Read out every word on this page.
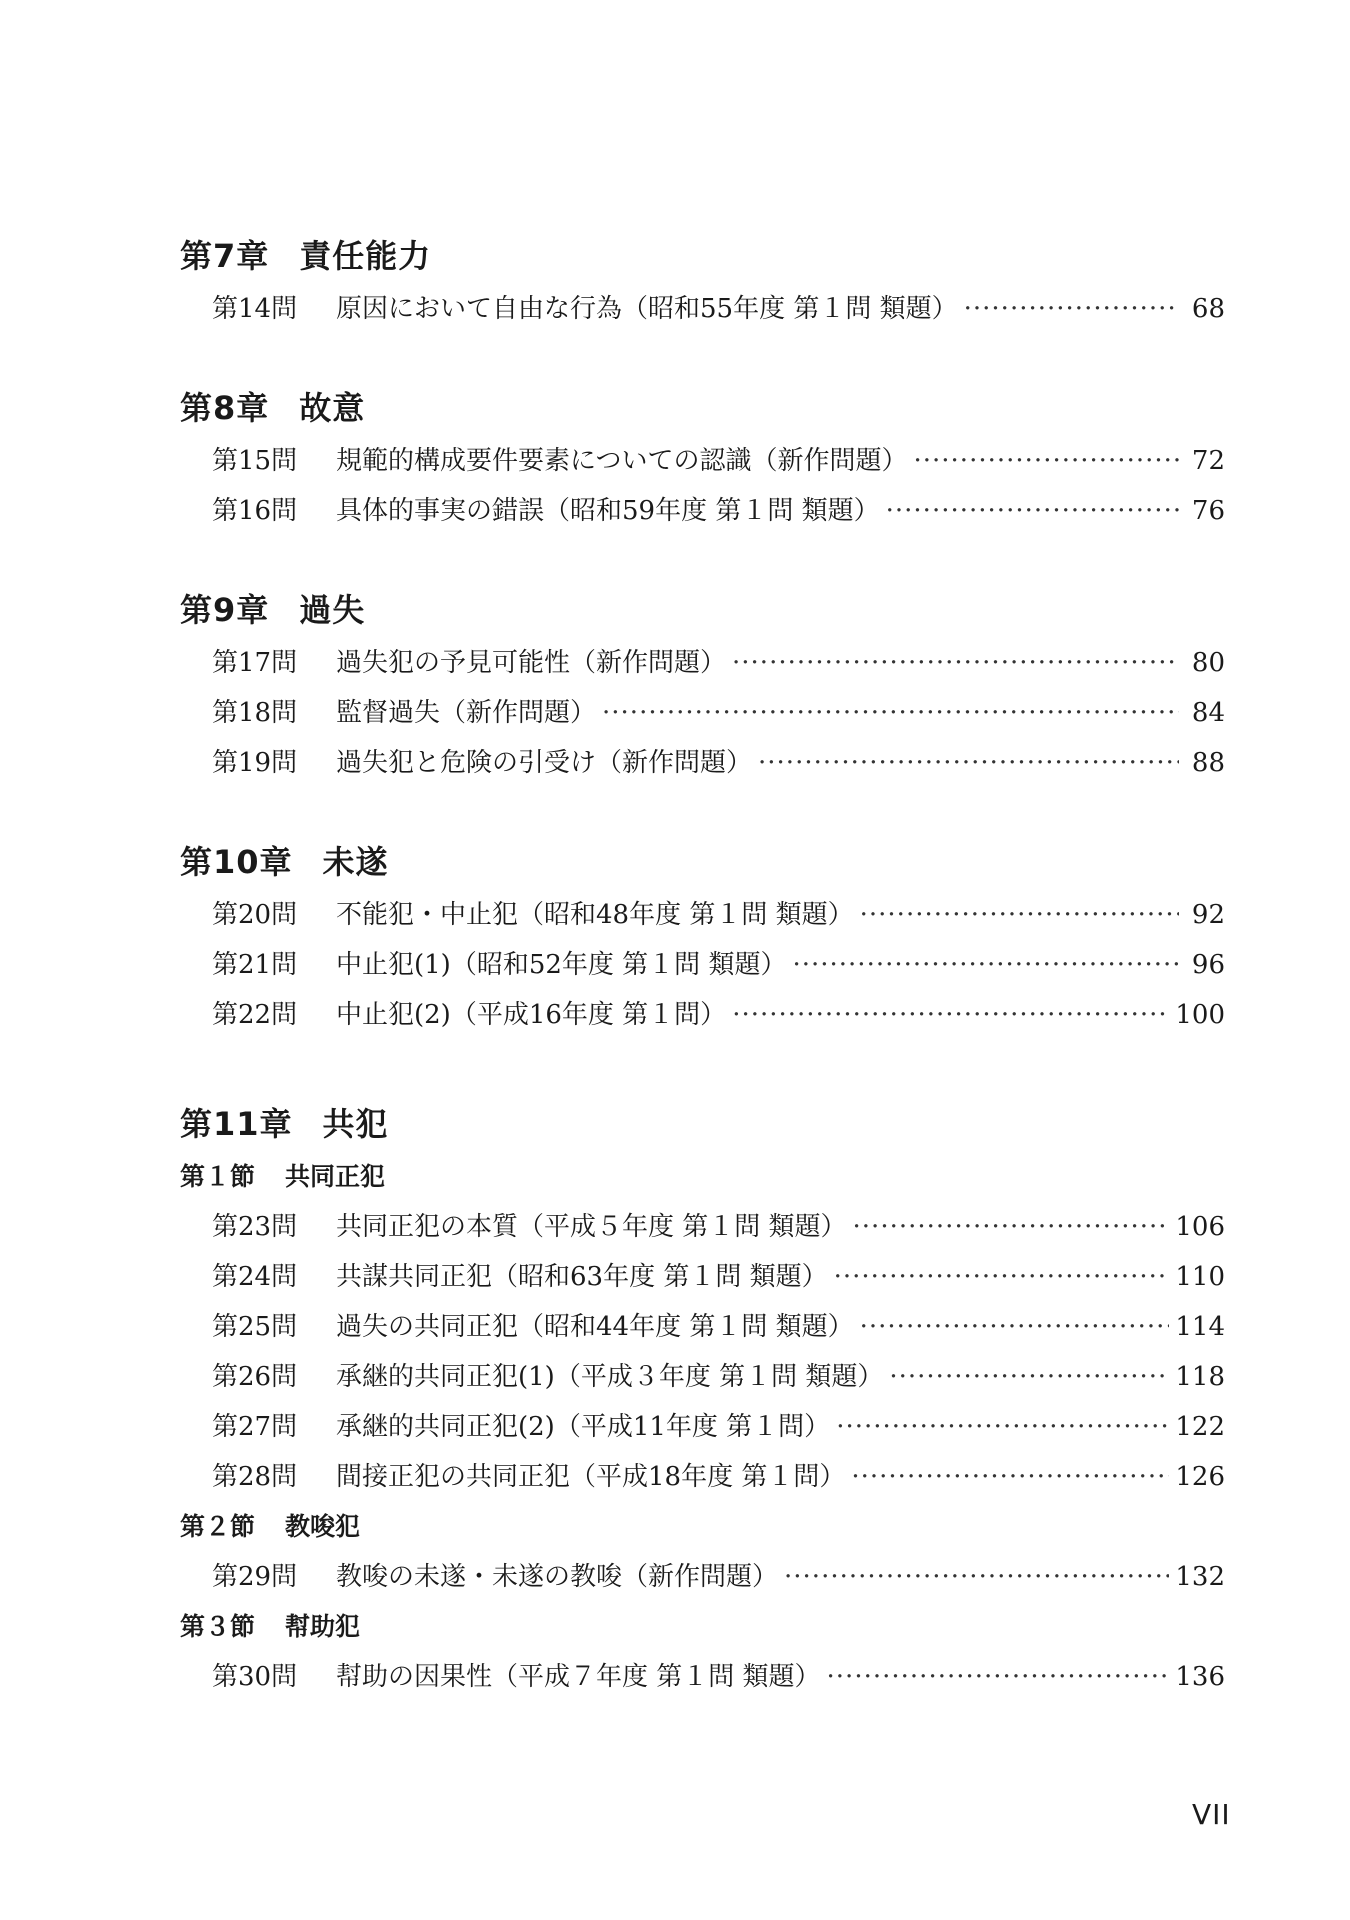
第7章 責任能力
第14問	原因において自由な行為（昭和55年度 第１問 類題） ·····	68
第8章 故意
第15問	規範的構成要件要素についての認識（新作問題） ·····	72
第16問	具体的事実の錯誤（昭和59年度 第１問 類題） ·····	76
第9章 過失
第17問	過失犯の予見可能性（新作問題） ·····	80
第18問	監督過失（新作問題） ·····	84
第19問	過失犯と危険の引受け（新作問題） ·····	88
第10章 未遂
第20問	不能犯・中止犯（昭和48年度 第１問 類題） ·····	92
第21問	中止犯(1)（昭和52年度 第１問 類題） ·····	96
第22問	中止犯(2)（平成16年度 第１問） ·····	100
第11章 共犯
第１節 共同正犯
第23問	共同正犯の本質（平成５年度 第１問 類題） ·····	106
第24問	共謀共同正犯（昭和63年度 第１問 類題） ·····	110
第25問	過失の共同正犯（昭和44年度 第１問 類題） ·····	114
第26問	承継的共同正犯(1)（平成３年度 第１問 類題） ·····	118
第27問	承継的共同正犯(2)（平成11年度 第１問） ·····	122
第28問	間接正犯の共同正犯（平成18年度 第１問） ·····	126
第２節 教唆犯
第29問	教唆の未遂・未遂の教唆（新作問題） ·····	132
第３節 幇助犯
第30問	幇助の因果性（平成７年度 第１問 類題） ·····	136
VII
